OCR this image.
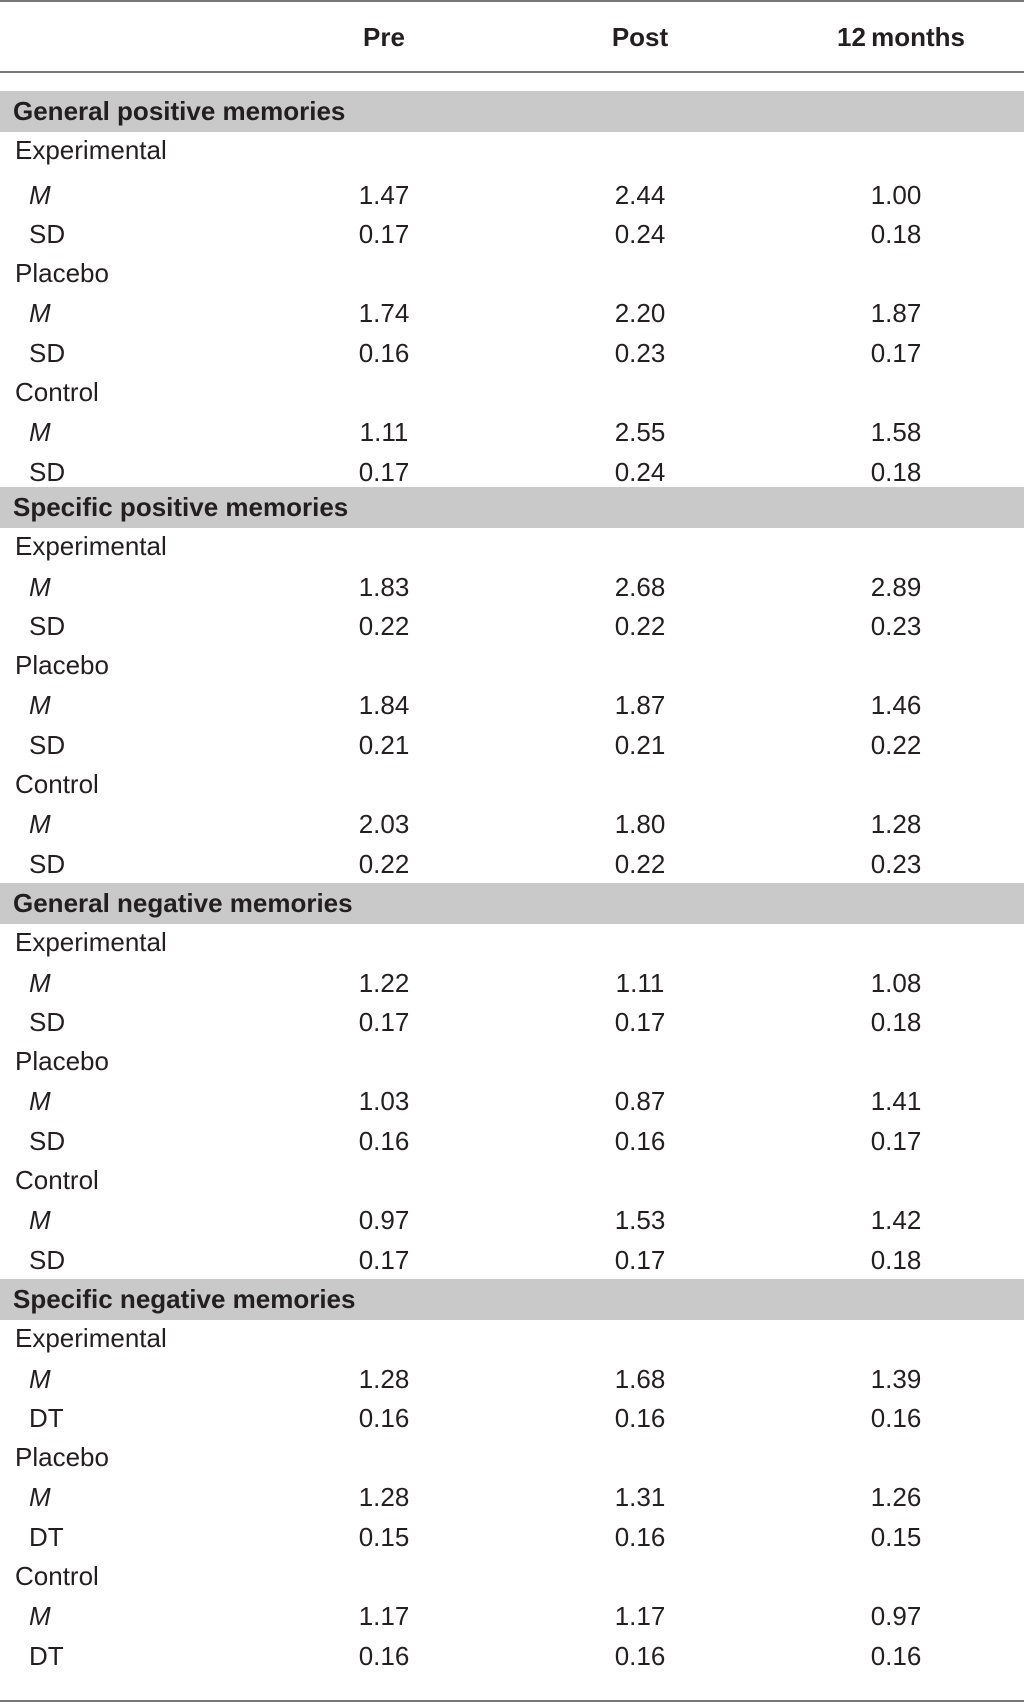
Pre	Post	12 months
General positive memories
Experimental
M	1.47	2.44	1.00
SD	0.17	0.24	0.18
Placebo
M	1.74	2.20	1.87
SD	0.16	0.23	0.17
Control
M	1.11	2.55	1.58
SD	0.17	0.24	0.18
Specific positive memories
Experimental
M	1.83	2.68	2.89
SD	0.22	0.22	0.23
Placebo
M	1.84	1.87	1.46
SD	0.21	0.21	0.22
Control
M	2.03	1.80	1.28
SD	0.22	0.22	0.23
General negative memories
Experimental
M	1.22	1.11	1.08
SD	0.17	0.17	0.18
Placebo
M	1.03	0.87	1.41
SD	0.16	0.16	0.17
Control
M	0.97	1.53	1.42
SD	0.17	0.17	0.18
Specific negative memories
Experimental
M	1.28	1.68	1.39
DT	0.16	0.16	0.16
Placebo
M	1.28	1.31	1.26
DT	0.15	0.16	0.15
Control
M	1.17	1.17	0.97
DT	0.16	0.16	0.16
